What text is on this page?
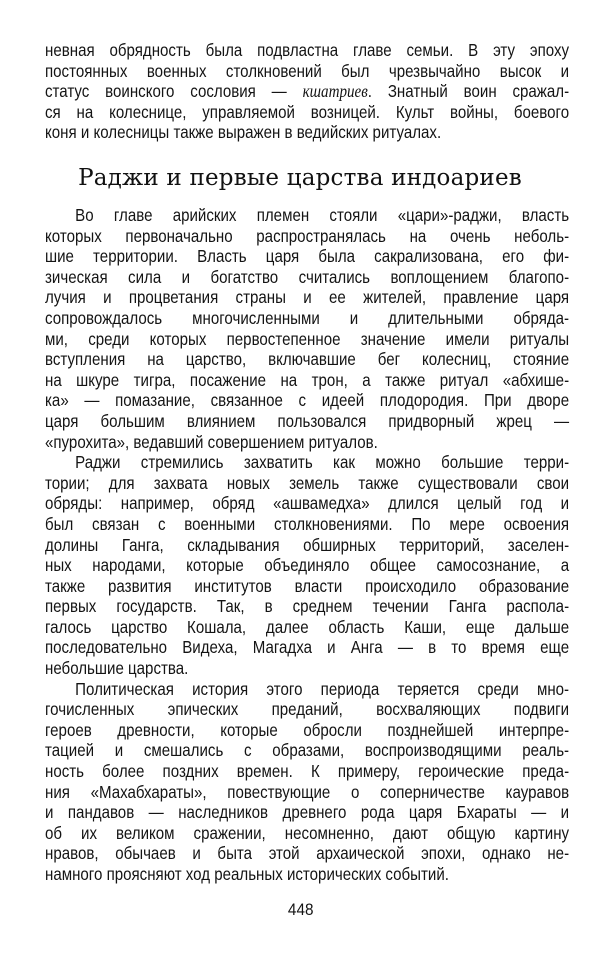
невная обрядность была подвластна главе семьи. В эту эпоху
постоянных военных столкновений был чрезвычайно высок и
статус воинского сословия — кшатриев. Знатный воин сражал-
ся на колеснице, управляемой возницей. Культ войны, боевого
коня и колесницы также выражен в ведийских ритуалах.
Раджи и первые царства индоариев
Во главе арийских племен стояли «цари»-раджи, власть
которых первоначально распространялась на очень неболь-
шие территории. Власть царя была сакрализована, его фи-
зическая сила и богатство считались воплощением благопо-
лучия и процветания страны и ее жителей, правление царя
сопровождалось многочисленными и длительными обряда-
ми, среди которых первостепенное значение имели ритуалы
вступления на царство, включавшие бег колесниц, стояние
на шкуре тигра, посажение на трон, а также ритуал «абхише-
ка» — помазание, связанное с идеей плодородия. При дворе
царя большим влиянием пользовался придворный жрец —
«пурохита», ведавший совершением ритуалов.
Раджи стремились захватить как можно большие терри-
тории; для захвата новых земель также существовали свои
обряды: например, обряд «ашвамедха» длился целый год и
был связан с военными столкновениями. По мере освоения
долины Ганга, складывания обширных территорий, заселен-
ных народами, которые объединяло общее самосознание, а
также развития институтов власти происходило образование
первых государств. Так, в среднем течении Ганга распола-
галось царство Кошала, далее область Каши, еще дальше
последовательно Видеха, Магадха и Анга — в то время еще
небольшие царства.
Политическая история этого периода теряется среди мно-
гочисленных эпических преданий, восхваляющих подвиги
героев древности, которые обросли позднейшей интерпре-
тацией и смешались с образами, воспроизводящими реаль-
ность более поздних времен. К примеру, героические преда-
ния «Махабхараты», повествующие о соперничестве кауравов
и пандавов — наследников древнего рода царя Бхараты — и
об их великом сражении, несомненно, дают общую картину
нравов, обычаев и быта этой архаической эпохи, однако не-
намного проясняют ход реальных исторических событий.
448
